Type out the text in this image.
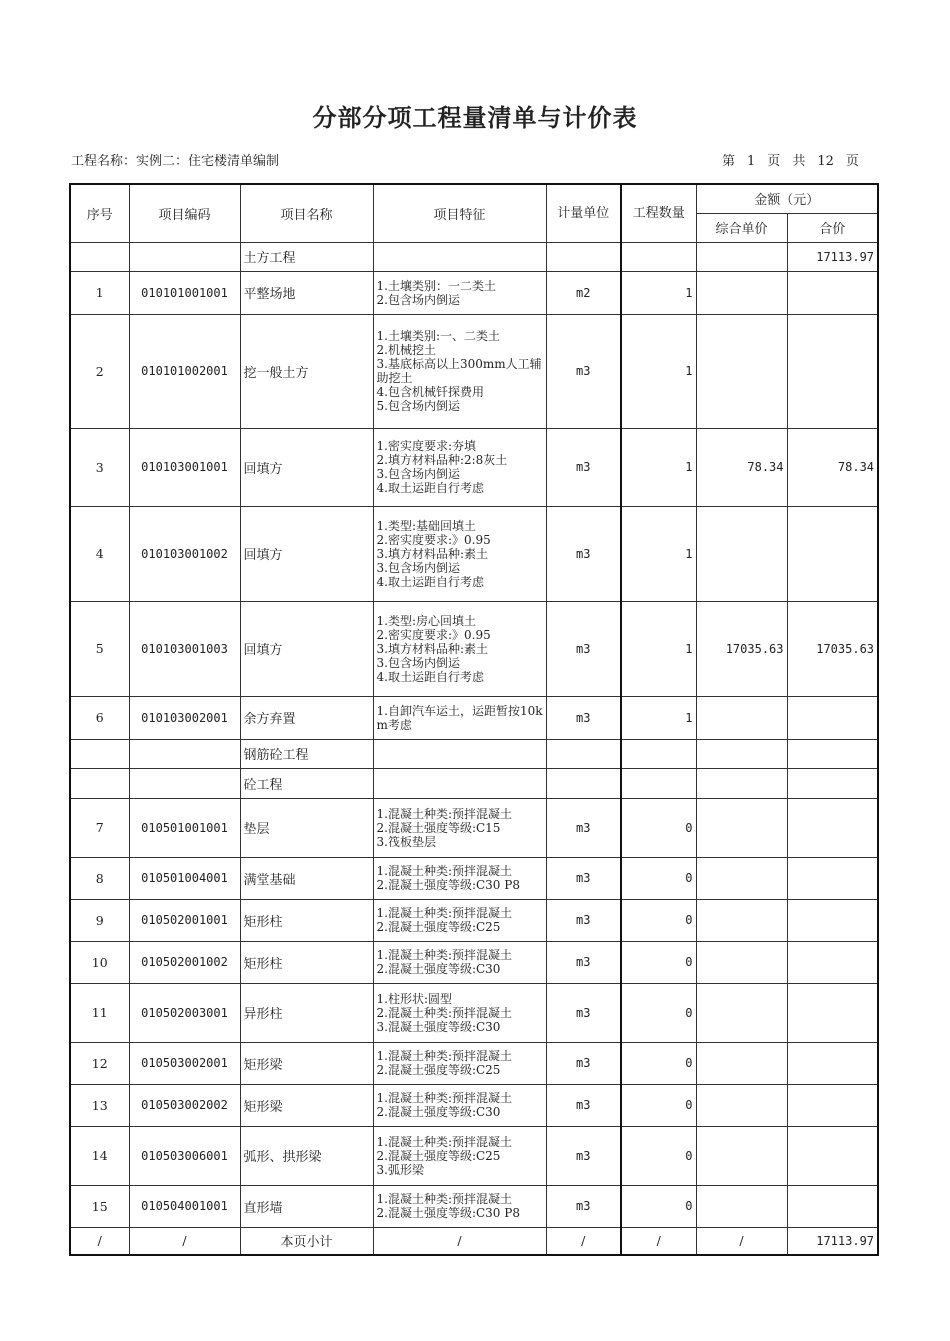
分部分项工程量清单与计价表
工程名称：实例二：住宅楼清单编制	第 1 页 共 12 页
序号	项目编码	项目名称	项目特征	计量单位	工程数量	金额（元）	
						综合单价	合价
		土方工程					17113.97
1	010101001001	平整场地	1.土壤类别：一二类土
2.包含场内倒运	m2	1		
2	010101002001	挖一般土方	1.土壤类别:一、二类土
2.机械挖土
3.基底标高以上300mm人工辅助挖土
4.包含机械钎探费用
5.包含场内倒运	m3	1		
3	010103001001	回填方	1.密实度要求:夯填
2.填方材料品种:2:8灰土
3.包含场内倒运
4.取土运距自行考虑	m3	1	78.34	78.34
4	010103001002	回填方	1.类型:基础回填土
2.密实度要求:》0.95
3.填方材料品种:素土
3.包含场内倒运
4.取土运距自行考虑	m3	1		
5	010103001003	回填方	1.类型:房心回填土
2.密实度要求:》0.95
3.填方材料品种:素土
3.包含场内倒运
4.取土运距自行考虑	m3	1	17035.63	17035.63
6	010103002001	余方弃置	1.自卸汽车运土，运距暂按10km考虑	m3	1		
		钢筋砼工程					
		砼工程					
7	010501001001	垫层	1.混凝土种类:预拌混凝土
2.混凝土强度等级:C15
3.筏板垫层	m3	0		
8	010501004001	满堂基础	1.混凝土种类:预拌混凝土
2.混凝土强度等级:C30 P8	m3	0		
9	010502001001	矩形柱	1.混凝土种类:预拌混凝土
2.混凝土强度等级:C25	m3	0		
10	010502001002	矩形柱	1.混凝土种类:预拌混凝土
2.混凝土强度等级:C30	m3	0		
11	010502003001	异形柱	1.柱形状:圆型
2.混凝土种类:预拌混凝土
3.混凝土强度等级:C30	m3	0		
12	010503002001	矩形梁	1.混凝土种类:预拌混凝土
2.混凝土强度等级:C25	m3	0		
13	010503002002	矩形梁	1.混凝土种类:预拌混凝土
2.混凝土强度等级:C30	m3	0		
14	010503006001	弧形、拱形梁	1.混凝土种类:预拌混凝土
2.混凝土强度等级:C25
3.弧形梁	m3	0		
15	010504001001	直形墙	1.混凝土种类:预拌混凝土
2.混凝土强度等级:C30 P8	m3	0		
/	/	本页小计	/	/	/	/	17113.97
